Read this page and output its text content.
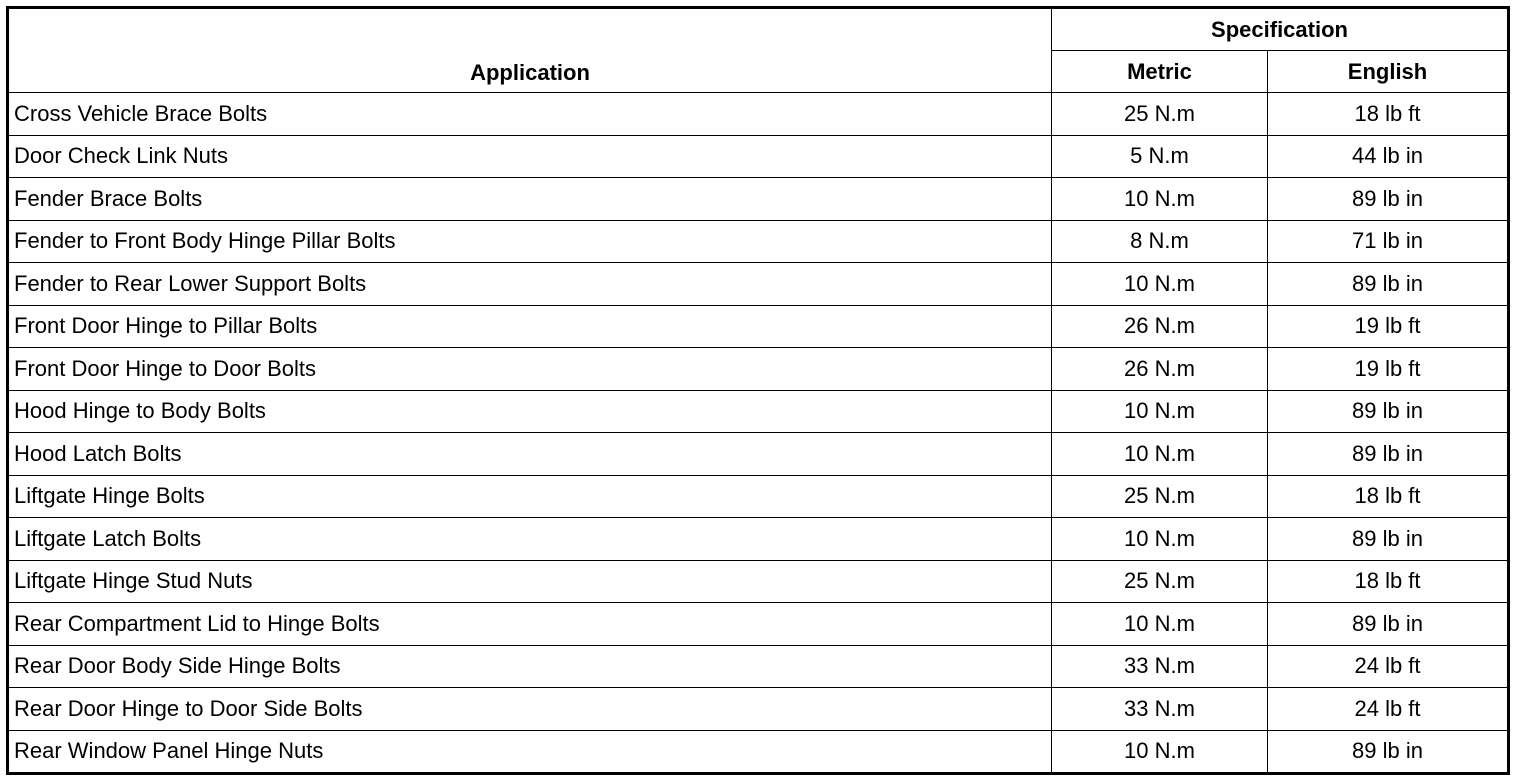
Application	Specification	
	Metric	English
Cross Vehicle Brace Bolts	25 N.m	18 lb ft
Door Check Link Nuts	5 N.m	44 lb in
Fender Brace Bolts	10 N.m	89 lb in
Fender to Front Body Hinge Pillar Bolts	8 N.m	71 lb in
Fender to Rear Lower Support Bolts	10 N.m	89 lb in
Front Door Hinge to Pillar Bolts	26 N.m	19 lb ft
Front Door Hinge to Door Bolts	26 N.m	19 lb ft
Hood Hinge to Body Bolts	10 N.m	89 lb in
Hood Latch Bolts	10 N.m	89 lb in
Liftgate Hinge Bolts	25 N.m	18 lb ft
Liftgate Latch Bolts	10 N.m	89 lb in
Liftgate Hinge Stud Nuts	25 N.m	18 lb ft
Rear Compartment Lid to Hinge Bolts	10 N.m	89 lb in
Rear Door Body Side Hinge Bolts	33 N.m	24 lb ft
Rear Door Hinge to Door Side Bolts	33 N.m	24 lb ft
Rear Window Panel Hinge Nuts	10 N.m	89 lb in
